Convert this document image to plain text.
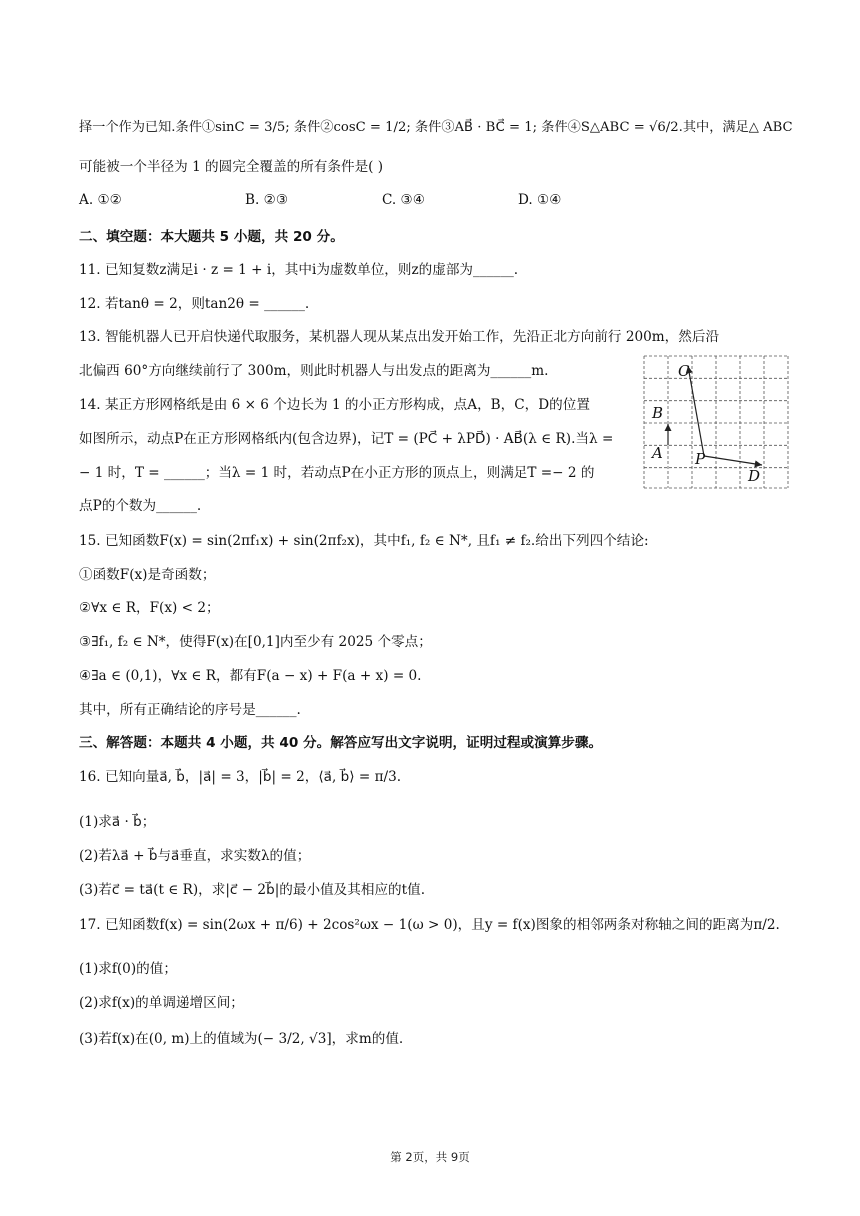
择一个作为已知.条件①sinC = 3/5; 条件②cosC = 1/2; 条件③AB⃗ · BC⃗ = 1; 条件④S△ABC = √6/2.其中，满足△ ABC
可能被一个半径为 1 的圆完全覆盖的所有条件是( )
A. ①②	B. ②③	C. ③④	D. ①④
二、填空题：本大题共 5 小题，共 20 分。
11. 已知复数z满足i · z = 1 + i，其中i为虚数单位，则z的虚部为______.
12. 若tanθ = 2，则tan2θ = ______.
13. 智能机器人已开启快递代取服务，某机器人现从某点出发开始工作，先沿正北方向前行 200m，然后沿
北偏西 60°方向继续前行了 300m，则此时机器人与出发点的距离为______m.
14. 某正方形网格纸是由 6 × 6 个边长为 1 的小正方形构成，点A，B，C，D的位置
如图所示，动点P在正方形网格纸内(包含边界)，记T = (PC⃗ + λPD⃗) · AB⃗(λ ∈ R).当λ =
− 1 时，T = ______；当λ = 1 时，若动点P在小正方形的顶点上，则满足T =− 2 的
点P的个数为______.
B
A
C
P
D
15. 已知函数F(x) = sin(2πf₁x) + sin(2πf₂x)，其中f₁, f₂ ∈ N*, 且f₁ ≠ f₂.给出下列四个结论:
①函数F(x)是奇函数；
②∀x ∈ R，F(x) < 2；
③∃f₁, f₂ ∈ N*，使得F(x)在[0,1]内至少有 2025 个零点；
④∃a ∈ (0,1)，∀x ∈ R，都有F(a − x) + F(a + x) = 0.
其中，所有正确结论的序号是______.
三、解答题：本题共 4 小题，共 40 分。解答应写出文字说明，证明过程或演算步骤。
16. 已知向量a⃗, b⃗，|a⃗| = 3，|b⃗| = 2，⟨a⃗, b⃗⟩ = π/3.
(1)求a⃗ · b⃗；
(2)若λa⃗ + b⃗与a⃗垂直，求实数λ的值；
(3)若c⃗ = ta⃗(t ∈ R)，求|c⃗ − 2b⃗|的最小值及其相应的t值.
17. 已知函数f(x) = sin(2ωx + π/6) + 2cos²ωx − 1(ω > 0)，且y = f(x)图象的相邻两条对称轴之间的距离为π/2.
(1)求f(0)的值；
(2)求f(x)的单调递增区间；
(3)若f(x)在(0, m)上的值域为(− 3/2, √3]，求m的值.
第 2页，共 9页
